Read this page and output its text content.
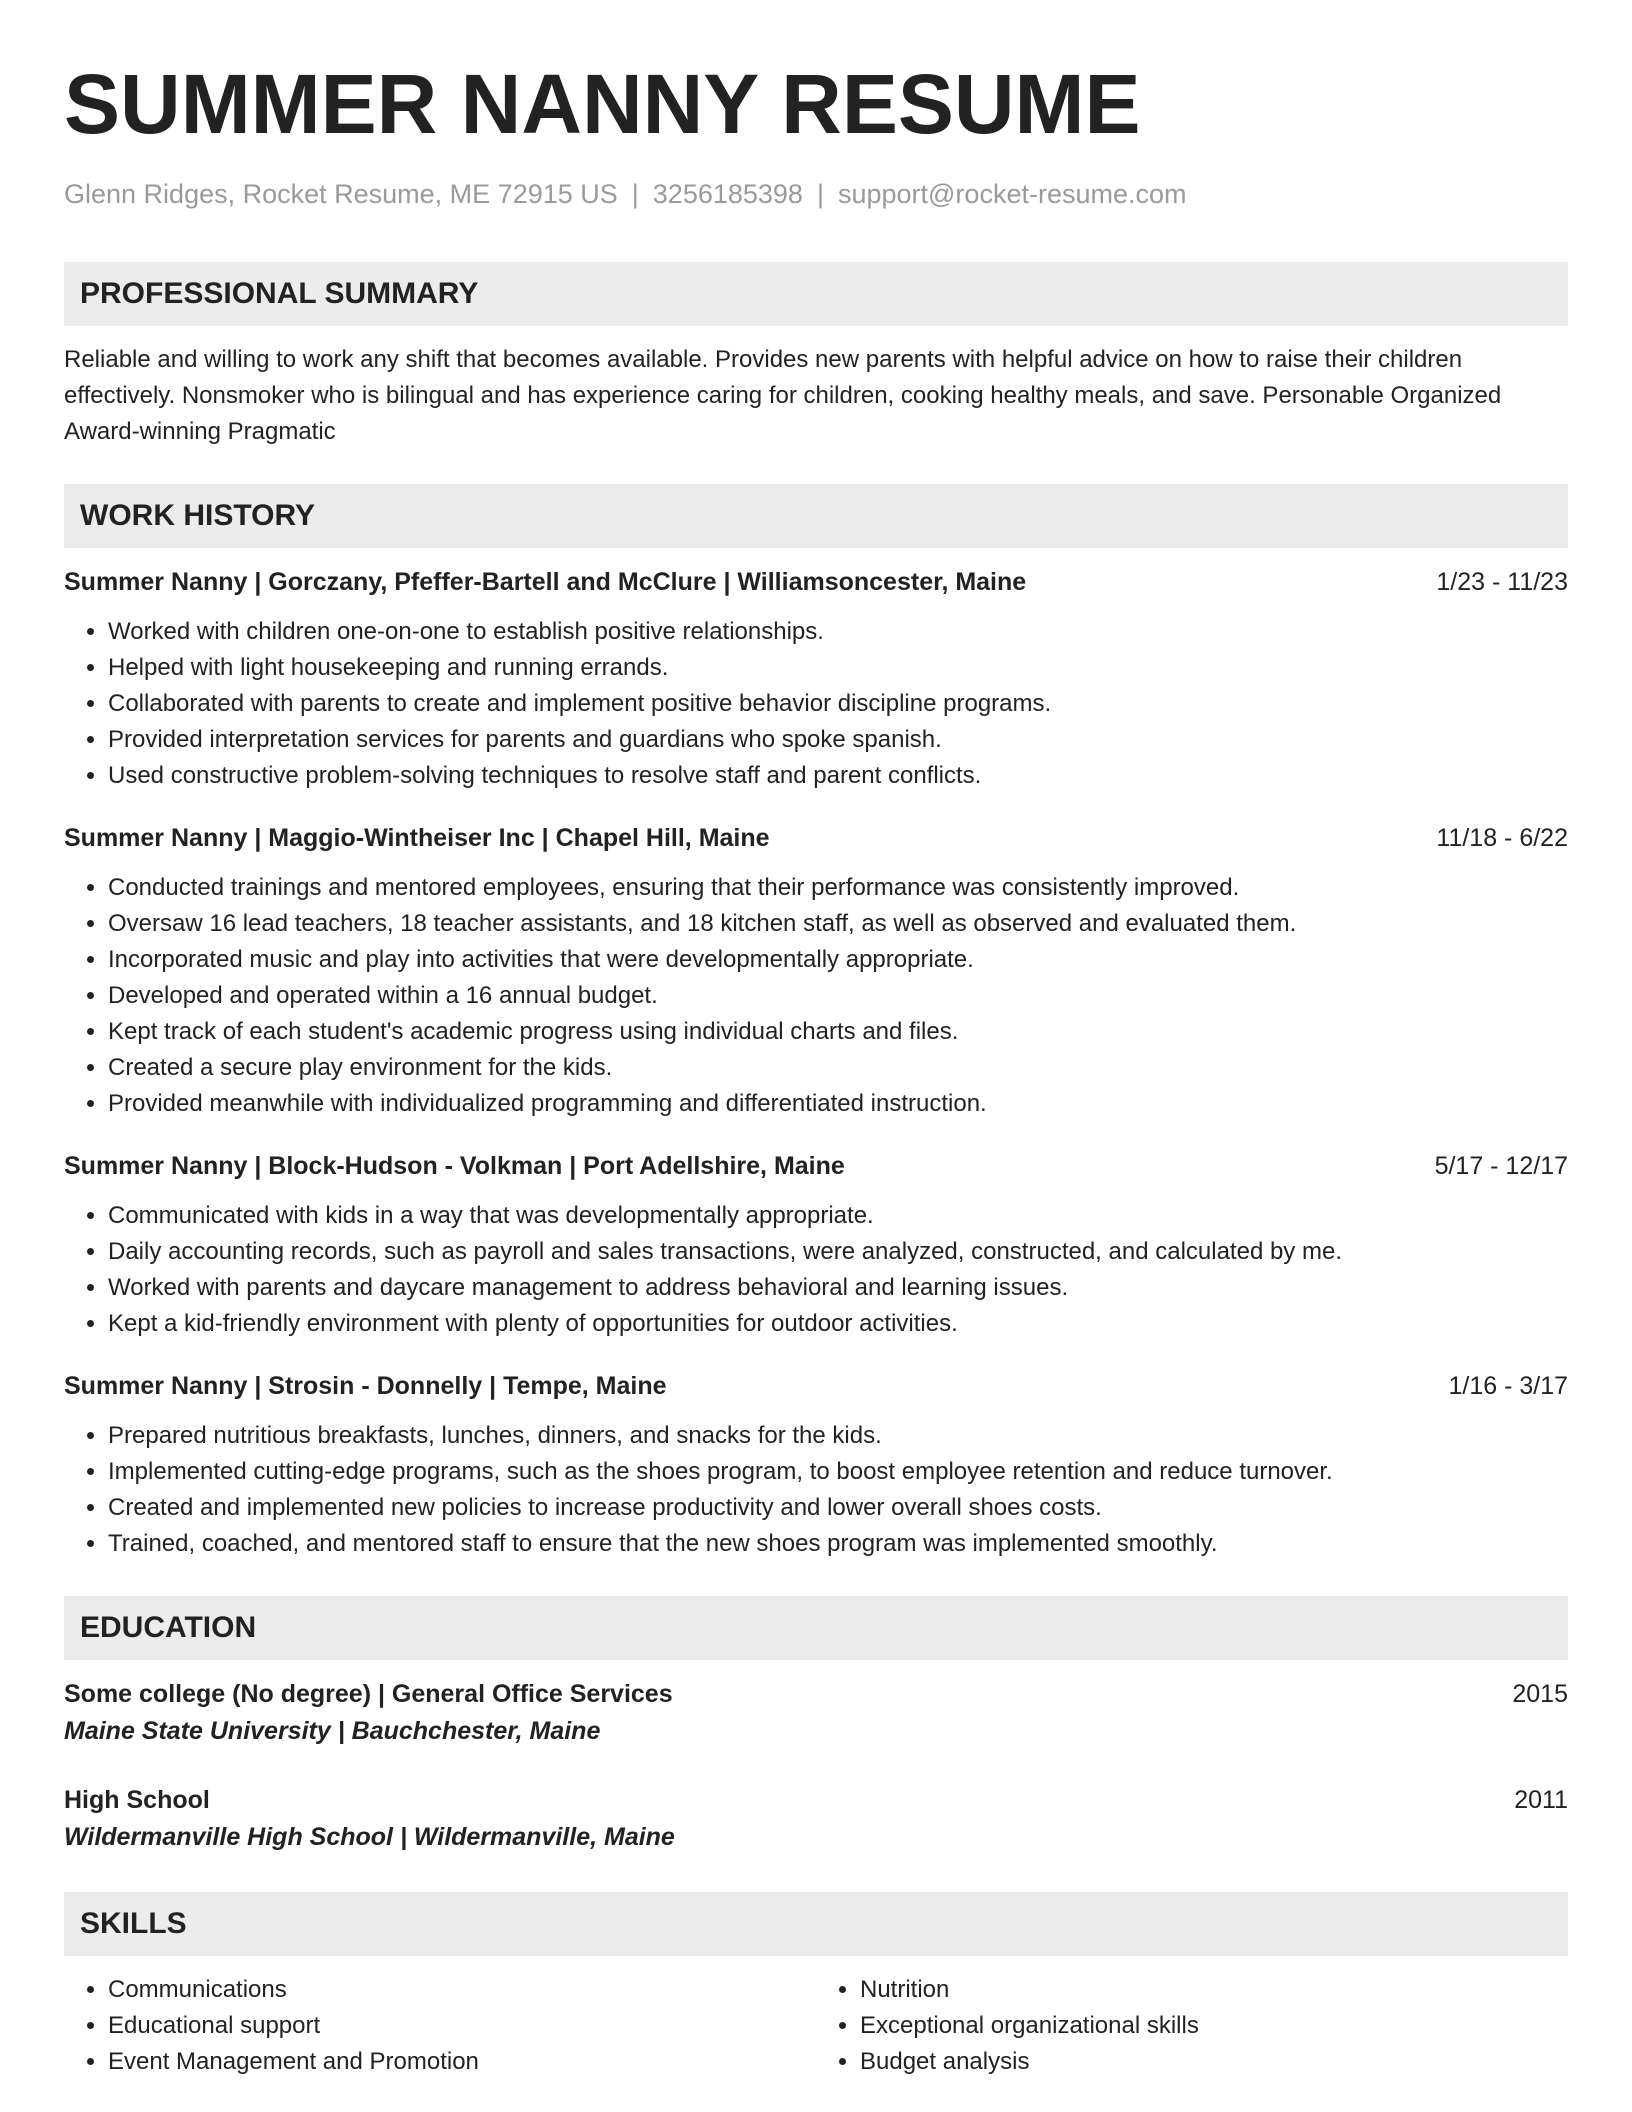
SUMMER NANNY RESUME
Glenn Ridges, Rocket Resume, ME 72915 US | 3256185398 | support@rocket-resume.com
PROFESSIONAL SUMMARY
Reliable and willing to work any shift that becomes available. Provides new parents with helpful advice on how to raise their children effectively. Nonsmoker who is bilingual and has experience caring for children, cooking healthy meals, and save. Personable Organized Award-winning Pragmatic
WORK HISTORY
Summer Nanny | Gorczany, Pfeffer-Bartell and McClure | Williamsoncester, Maine	1/23 - 11/23
• Worked with children one-on-one to establish positive relationships.
• Helped with light housekeeping and running errands.
• Collaborated with parents to create and implement positive behavior discipline programs.
• Provided interpretation services for parents and guardians who spoke spanish.
• Used constructive problem-solving techniques to resolve staff and parent conflicts.
Summer Nanny | Maggio-Wintheiser Inc | Chapel Hill, Maine	11/18 - 6/22
• Conducted trainings and mentored employees, ensuring that their performance was consistently improved.
• Oversaw 16 lead teachers, 18 teacher assistants, and 18 kitchen staff, as well as observed and evaluated them.
• Incorporated music and play into activities that were developmentally appropriate.
• Developed and operated within a 16 annual budget.
• Kept track of each student's academic progress using individual charts and files.
• Created a secure play environment for the kids.
• Provided meanwhile with individualized programming and differentiated instruction.
Summer Nanny | Block-Hudson - Volkman | Port Adellshire, Maine	5/17 - 12/17
• Communicated with kids in a way that was developmentally appropriate.
• Daily accounting records, such as payroll and sales transactions, were analyzed, constructed, and calculated by me.
• Worked with parents and daycare management to address behavioral and learning issues.
• Kept a kid-friendly environment with plenty of opportunities for outdoor activities.
Summer Nanny | Strosin - Donnelly | Tempe, Maine	1/16 - 3/17
• Prepared nutritious breakfasts, lunches, dinners, and snacks for the kids.
• Implemented cutting-edge programs, such as the shoes program, to boost employee retention and reduce turnover.
• Created and implemented new policies to increase productivity and lower overall shoes costs.
• Trained, coached, and mentored staff to ensure that the new shoes program was implemented smoothly.
EDUCATION
Some college (No degree) | General Office Services	2015
Maine State University | Bauchchester, Maine
High School	2011
Wildermanville High School | Wildermanville, Maine
SKILLS
• Communications
• Educational support
• Event Management and Promotion
• Nutrition
• Exceptional organizational skills
• Budget analysis
